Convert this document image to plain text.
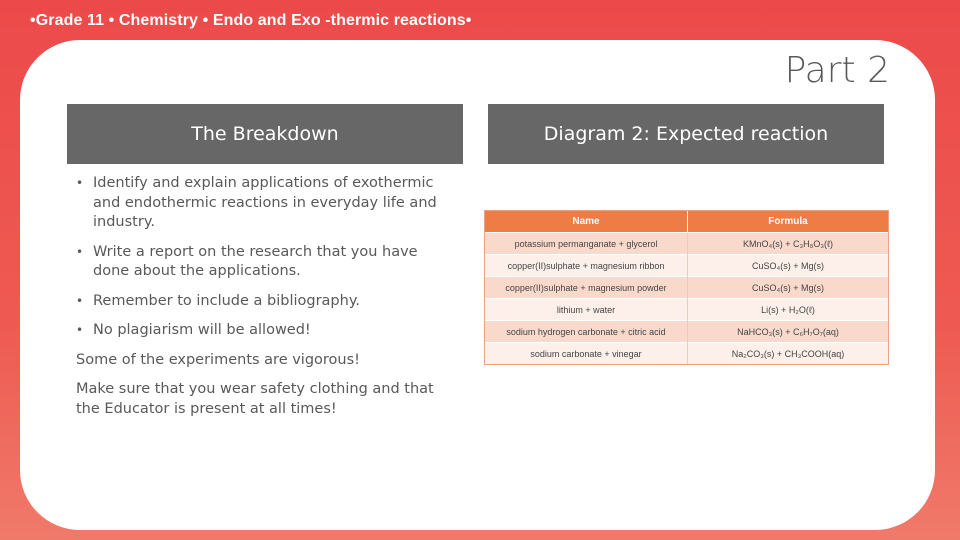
•Grade 11 • Chemistry • Endo and Exo -thermic reactions•
Part 2
The Breakdown	Diagram 2: Expected reaction
• Identify and explain applications of exothermic and endothermic reactions in everyday life and industry.
• Write a report on the research that you have done about the applications.
• Remember to include a bibliography.
• No plagiarism will be allowed!

Some of the experiments are vigorous!

Make sure that you wear safety clothing and that the Educator is present at all times!

Name	Formula
potassium permanganate + glycerol	KMnO₄(s) + C₃H₈O₃(ℓ)
copper(II)sulphate + magnesium ribbon	CuSO₄(s) + Mg(s)
copper(II)sulphate + magnesium powder	CuSO₄(s) + Mg(s)
lithium + water	Li(s) + H₂O(ℓ)
sodium hydrogen carbonate + citric acid	NaHCO₃(s) + C₆H₇O₇(aq)
sodium carbonate + vinegar	Na₂CO₃(s) + CH₃COOH(aq)
